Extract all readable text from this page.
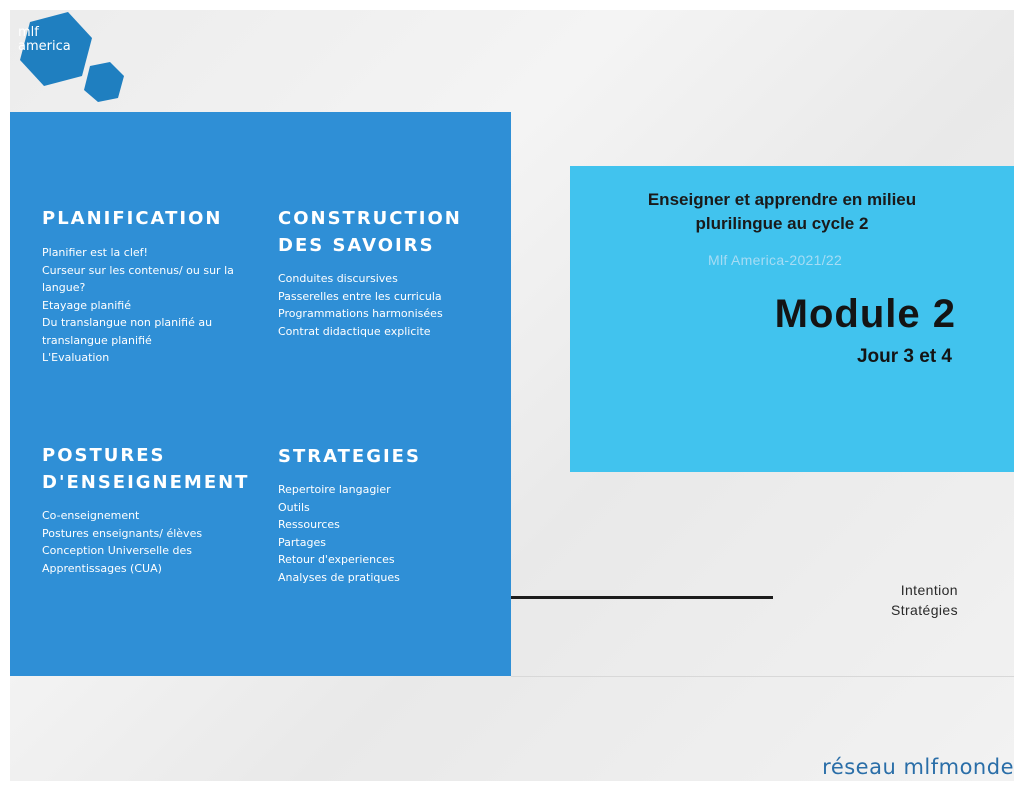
mlf
america
PLANIFICATION
Planifier est la clef!
Curseur sur les contenus/ ou sur la
langue?
Etayage planifié
Du translangue non planifié au
translangue planifié
L'Evaluation
CONSTRUCTION
DES SAVOIRS
Conduites discursives
Passerelles entre les curricula
Programmations harmonisées
Contrat didactique explicite
POSTURES
D'ENSEIGNEMENT
Co-enseignement
Postures enseignants/ élèves
Conception Universelle des
Apprentissages (CUA)
STRATEGIES
Repertoire langagier
Outils
Ressources
Partages
Retour d'experiences
Analyses de pratiques
Enseigner et apprendre en milieu
plurilingue au cycle 2
Mlf America-2021/22
Module 2
Jour 3 et 4
Intention
Stratégies
réseau mlfmonde
